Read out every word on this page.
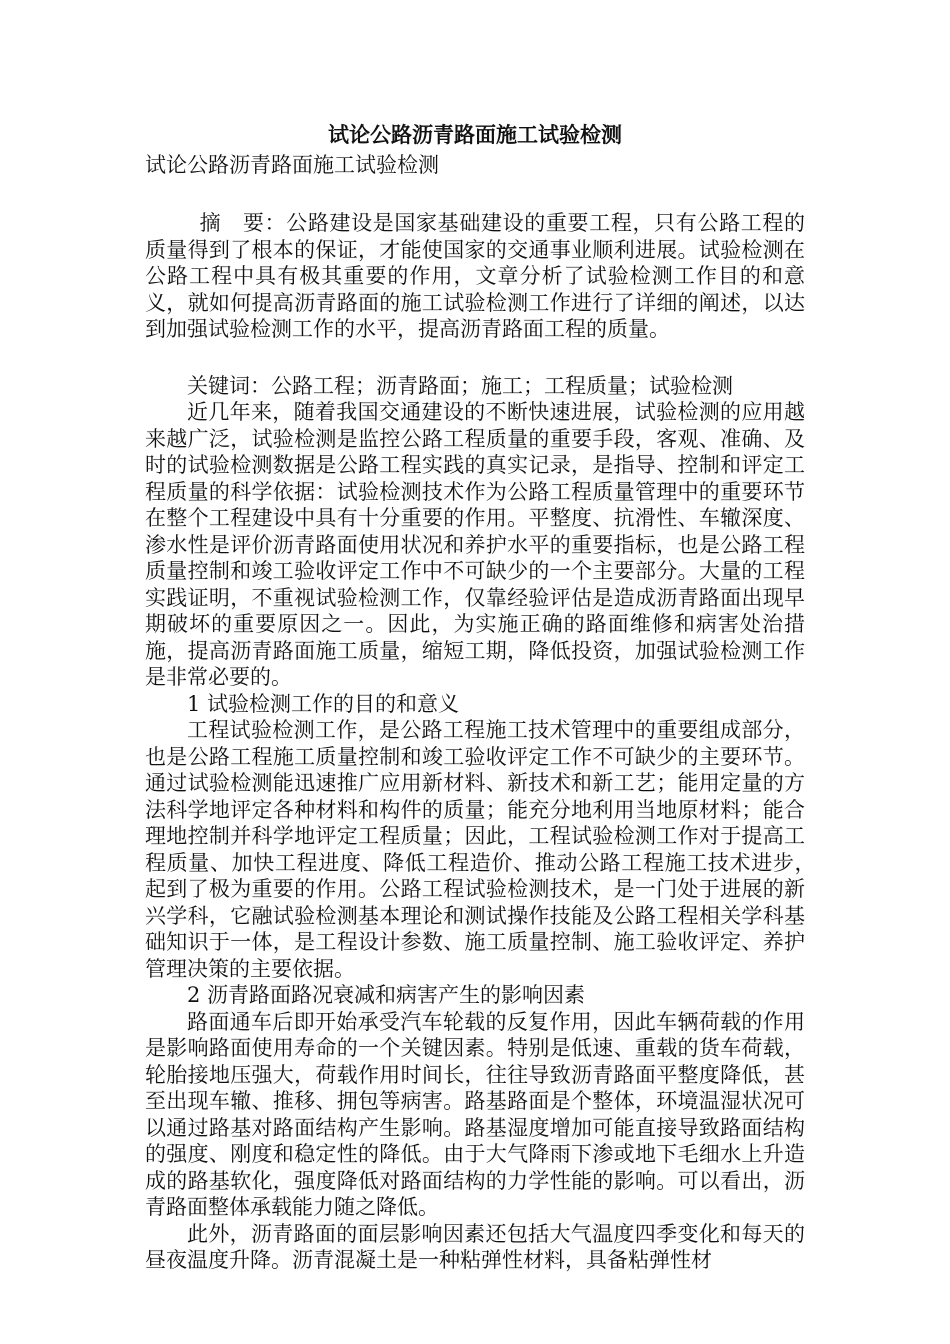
试论公路沥青路面施工试验检测

试论公路沥青路面施工试验检测

摘　要：公路建设是国家基础建设的重要工程，只有公路工程的质量得到了根本的保证，才能使国家的交通事业顺利进展。试验检测在公路工程中具有极其重要的作用，文章分析了试验检测工作目的和意义，就如何提高沥青路面的施工试验检测工作进行了详细的阐述，以达到加强试验检测工作的水平，提高沥青路面工程的质量。

关键词：公路工程；沥青路面；施工；工程质量；试验检测

近几年来，随着我国交通建设的不断快速进展，试验检测的应用越来越广泛，试验检测是监控公路工程质量的重要手段，客观、准确、及时的试验检测数据是公路工程实践的真实记录，是指导、控制和评定工程质量的科学依据：试验检测技术作为公路工程质量管理中的重要环节在整个工程建设中具有十分重要的作用。平整度、抗滑性、车辙深度、渗水性是评价沥青路面使用状况和养护水平的重要指标，也是公路工程质量控制和竣工验收评定工作中不可缺少的一个主要部分。大量的工程实践证明，不重视试验检测工作，仅靠经验评估是造成沥青路面出现早期破坏的重要原因之一。因此，为实施正确的路面维修和病害处治措施，提高沥青路面施工质量，缩短工期，降低投资，加强试验检测工作是非常必要的。

1 试验检测工作的目的和意义

工程试验检测工作，是公路工程施工技术管理中的重要组成部分，也是公路工程施工质量控制和竣工验收评定工作不可缺少的主要环节。通过试验检测能迅速推广应用新材料、新技术和新工艺；能用定量的方法科学地评定各种材料和构件的质量；能充分地利用当地原材料；能合理地控制并科学地评定工程质量；因此，工程试验检测工作对于提高工程质量、加快工程进度、降低工程造价、推动公路工程施工技术进步，　起到了极为重要的作用。公路工程试验检测技术，是一门处于进展的新兴学科，它融试验检测基本理论和测试操作技能及公路工程相关学科基础知识于一体，是工程设计参数、施工质量控制、施工验收评定、养护管理决策的主要依据。

2 沥青路面路况衰减和病害产生的影响因素

路面通车后即开始承受汽车轮载的反复作用，因此车辆荷载的作用是影响路面使用寿命的一个关键因素。特别是低速、重载的货车荷载，轮胎接地压强大，荷载作用时间长，往往导致沥青路面平整度降低，甚至出现车辙、推移、拥包等病害。路基路面是个整体，环境温湿状况可以通过路基对路面结构产生影响。路基湿度增加可能直接导致路面结构的强度、刚度和稳定性的降低。由于大气降雨下渗或地下毛细水上升造成的路基软化，强度降低对路面结构的力学性能的影响。可以看出，沥青路面整体承载能力随之降低。

此外，沥青路面的面层影响因素还包括大气温度四季变化和每天的昼夜温度升降。沥青混凝土是一种粘弹性材料，具备粘弹性材
